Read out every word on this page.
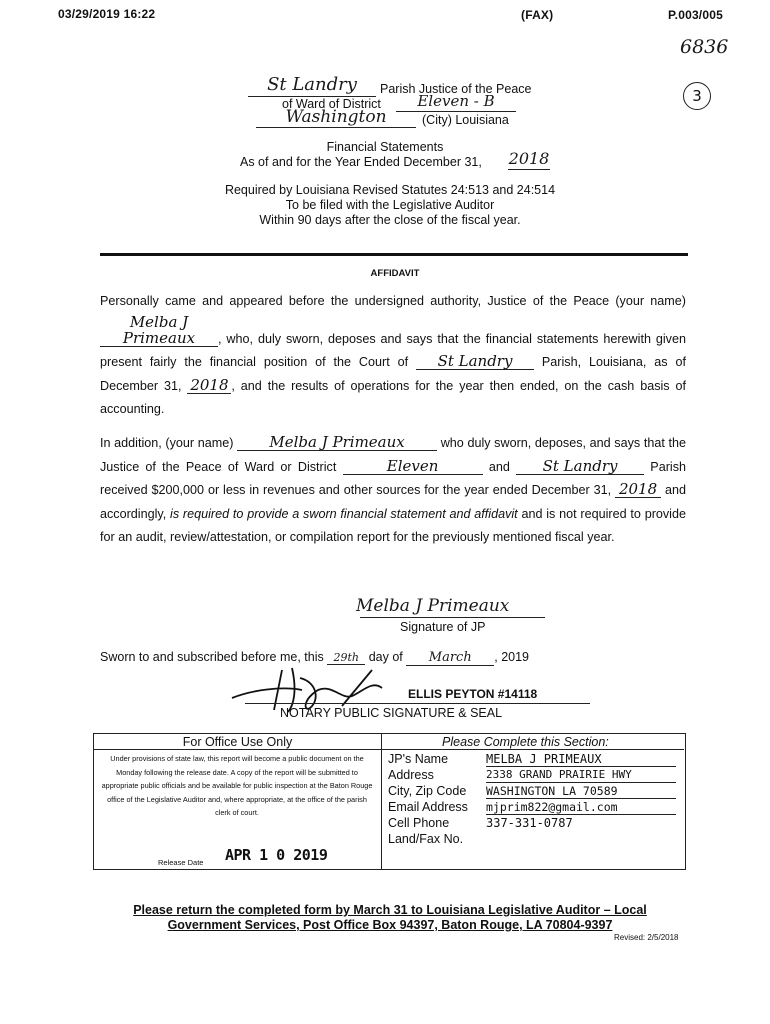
03/29/2019 16:22	(FAX)	P.003/005
6836
3
St Landry	Parish Justice of the Peace
of Ward of District	Eleven - B
Washington	(City) Louisiana
Financial Statements
As of and for the Year Ended December 31, 2018
Required by Louisiana Revised Statutes 24:513 and 24:514
To be filed with the Legislative Auditor
Within 90 days after the close of the fiscal year.
AFFIDAVIT
Personally came and appeared before the undersigned authority, Justice of the Peace (your name) Melba J Primeaux , who, duly sworn, deposes and says that the financial statements herewith given present fairly the financial position of the Court of St Landry Parish, Louisiana, as of December 31, 2018 , and the results of operations for the year then ended, on the cash basis of accounting.
In addition, (your name) Melba J Primeaux	who duly sworn, deposes, and says that the Justice of the Peace of Ward or District	Eleven	and St Landry	Parish received $200,000 or less in revenues and other sources for the year ended December 31, 2018 and accordingly, is required to provide a sworn financial statement and affidavit and is not required to provide for an audit, review/attestation, or compilation report for the previously mentioned fiscal year.
Melba J Primeaux
Signature of JP
Sworn to and subscribed before me, this 29th day of March , 2019
ELLIS PEYTON #14118
NOTARY PUBLIC SIGNATURE & SEAL
For Office Use Only
Under provisions of state law, this report will become a public document on the Monday following the release date. A copy of the report will be submitted to appropriate public officials and be available for public inspection at the Baton Rouge office of the Legislative Auditor and, where appropriate, at the office of the parish clerk of court.
Release Date APR 1 0 2019
Please Complete this Section:
JP's Name	MELBA J PRIMEAUX
Address	2338 GRAND PRAIRIE HWY
City, Zip Code	WASHINGTON LA 70589
Email Address	mjprim822@gmail.com
Cell Phone	337-331-0787
Land/Fax No.
Please return the completed form by March 31 to Louisiana Legislative Auditor – Local
Government Services, Post Office Box 94397, Baton Rouge, LA 70804-9397
Revised: 2/5/2018
